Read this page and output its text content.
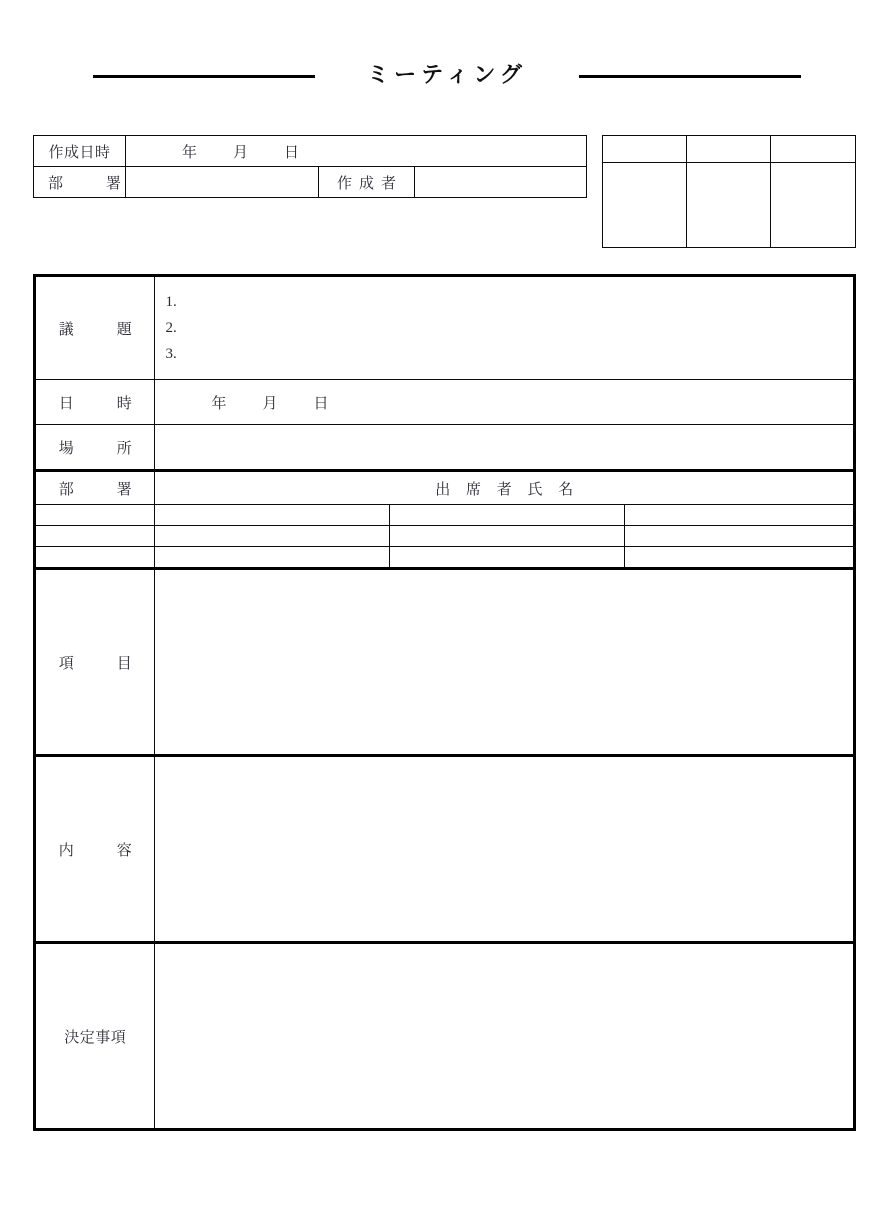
ミーティング
作成日時	年 月 日		
部　署		作成者	

議　題	1.
2.
3.		

日　時	年 月 日		
場　所			
部　署	出 席 者 氏 名		

項　目			
内　容			
決定事項			
